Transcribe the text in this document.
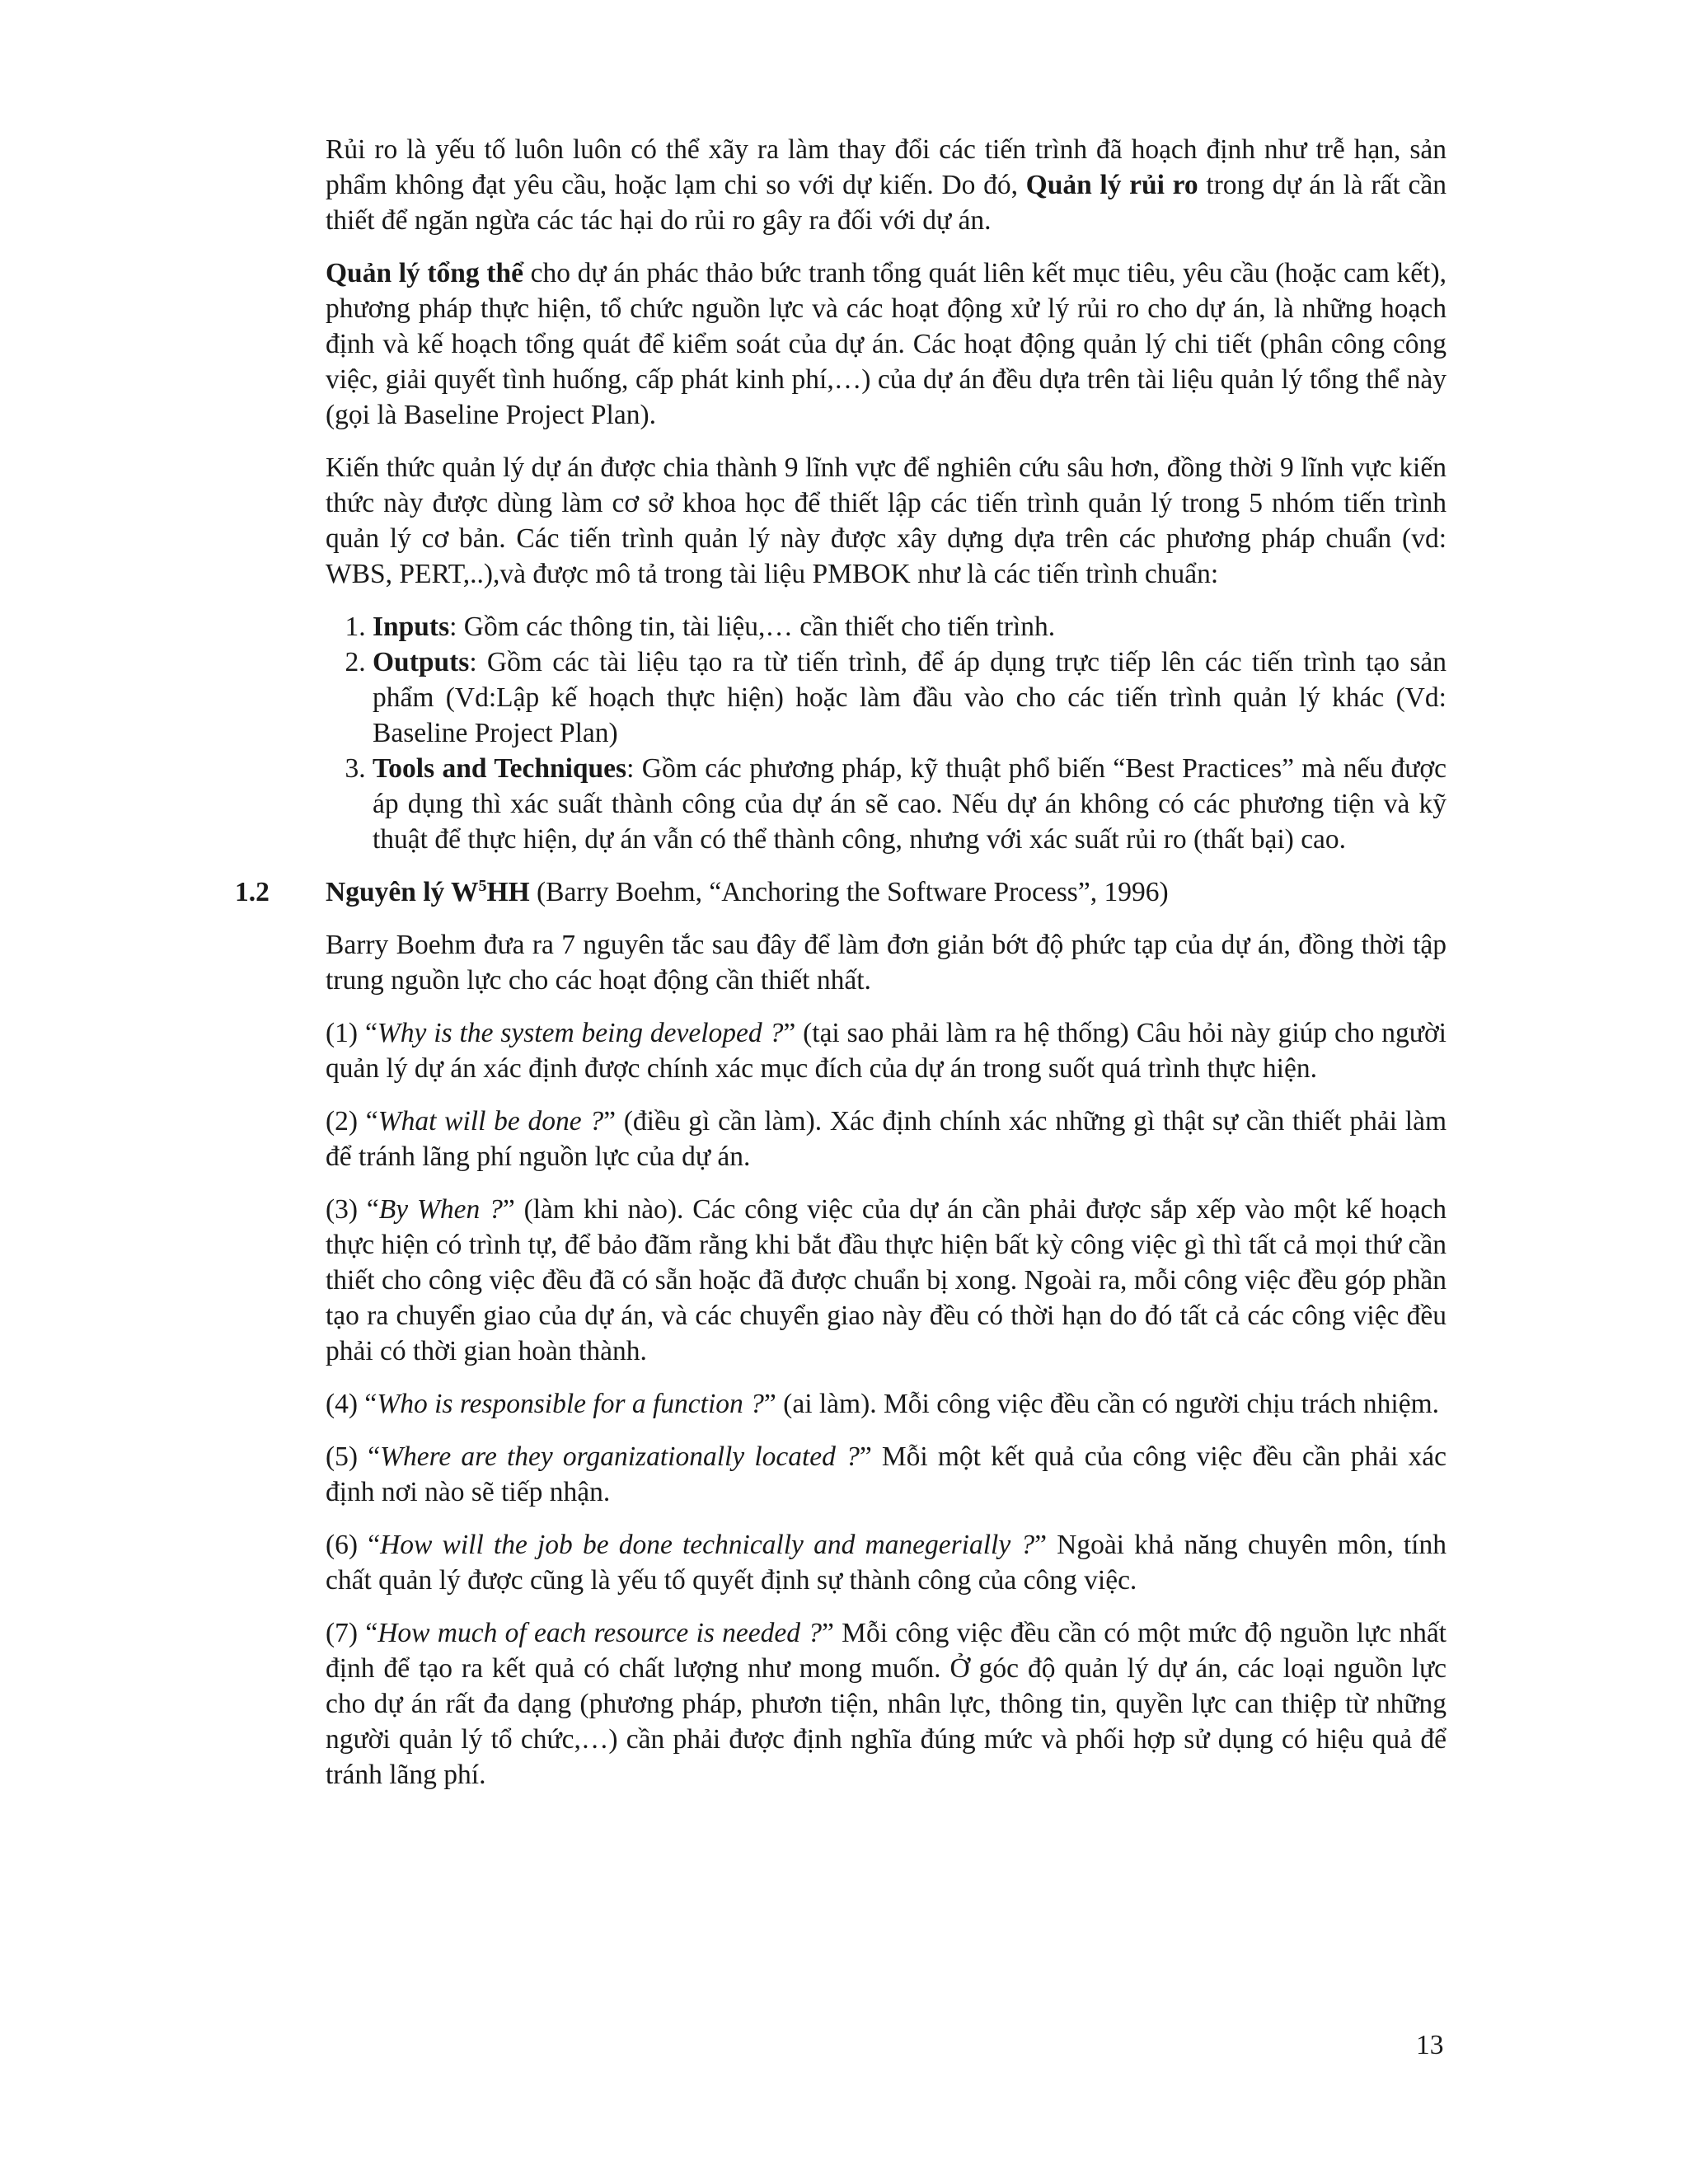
Rủi ro là yếu tố luôn luôn có thể xãy ra làm thay đổi các tiến trình đã hoạch định như trễ hạn, sản phẩm không đạt yêu cầu, hoặc lạm chi so với dự kiến. Do đó, Quản lý rủi ro trong dự án là rất cần thiết để ngăn ngừa các tác hại do rủi ro gây ra đối với dự án.

Quản lý tổng thể cho dự án phác thảo bức tranh tổng quát liên kết mục tiêu, yêu cầu (hoặc cam kết), phương pháp thực hiện, tổ chức nguồn lực và các hoạt động xử lý rủi ro cho dự án, là những hoạch định và kế hoạch tổng quát để kiểm soát của dự án. Các hoạt động quản lý chi tiết (phân công công việc, giải quyết tình huống, cấp phát kinh phí,…) của dự án đều dựa trên tài liệu quản lý tổng thể này (gọi là Baseline Project Plan).

Kiến thức quản lý dự án được chia thành 9 lĩnh vực để nghiên cứu sâu hơn, đồng thời 9 lĩnh vực kiến thức này được dùng làm cơ sở khoa học để thiết lập các tiến trình quản lý trong 5 nhóm tiến trình quản lý cơ bản. Các tiến trình quản lý này được xây dựng dựa trên các phương pháp chuẩn (vd: WBS, PERT,..),và được mô tả trong tài liệu PMBOK như là các tiến trình chuẩn:

1. Inputs: Gồm các thông tin, tài liệu,… cần thiết cho tiến trình.
2. Outputs: Gồm các tài liệu tạo ra từ tiến trình, để áp dụng trực tiếp lên các tiến trình tạo sản phẩm (Vd:Lập kế hoạch thực hiện) hoặc làm đầu vào cho các tiến trình quản lý khác (Vd: Baseline Project Plan)
3. Tools and Techniques: Gồm các phương pháp, kỹ thuật phổ biến “Best Practices” mà nếu được áp dụng thì xác suất thành công của dự án sẽ cao. Nếu dự án không có các phương tiện và kỹ thuật để thực hiện, dự án vẫn có thể thành công, nhưng với xác suất rủi ro (thất bại) cao.
1.2	Nguyên lý $W^5HH$ (Barry Boehm, “Anchoring the Software Process”, 1996)

Barry Boehm đưa ra 7 nguyên tắc sau đây để làm đơn giản bớt độ phức tạp của dự án, đồng thời tập trung nguồn lực cho các hoạt động cần thiết nhất.

(1) “Why is the system being developed ?” (tại sao phải làm ra hệ thống) Câu hỏi này giúp cho người quản lý dự án xác định được chính xác mục đích của dự án trong suốt quá trình thực hiện.

(2) “What will be done ?” (điều gì cần làm). Xác định chính xác những gì thật sự cần thiết phải làm để tránh lãng phí nguồn lực của dự án.

(3) “By When ?” (làm khi nào). Các công việc của dự án cần phải được sắp xếp vào một kế hoạch thực hiện có trình tự, để bảo đãm rằng khi bắt đầu thực hiện bất kỳ công việc gì thì tất cả mọi thứ cần thiết cho công việc đều đã có sẵn hoặc đã được chuẩn bị xong. Ngoài ra, mỗi công việc đều góp phần tạo ra chuyển giao của dự án, và các chuyển giao này đều có thời hạn do đó tất cả các công việc đều phải có thời gian hoàn thành.

(4) “Who is responsible for a function ?” (ai làm). Mỗi công việc đều cần có người chịu trách nhiệm.

(5) “Where are they organizationally located ?” Mỗi một kết quả của công việc đều cần phải xác định nơi nào sẽ tiếp nhận.

(6) “How will the job be done technically and manegerially ?” Ngoài khả năng chuyên môn, tính chất quản lý được cũng là yếu tố quyết định sự thành công của công việc.

(7) “How much of each resource is needed ?” Mỗi công việc đều cần có một mức độ nguồn lực nhất định để tạo ra kết quả có chất lượng như mong muốn. Ở góc độ quản lý dự án, các loại nguồn lực cho dự án rất đa dạng (phương pháp, phươn tiện, nhân lực, thông tin, quyền lực can thiệp từ những người quản lý tổ chức,…) cần phải được định nghĩa đúng mức và phối hợp sử dụng có hiệu quả để tránh lãng phí.

13
